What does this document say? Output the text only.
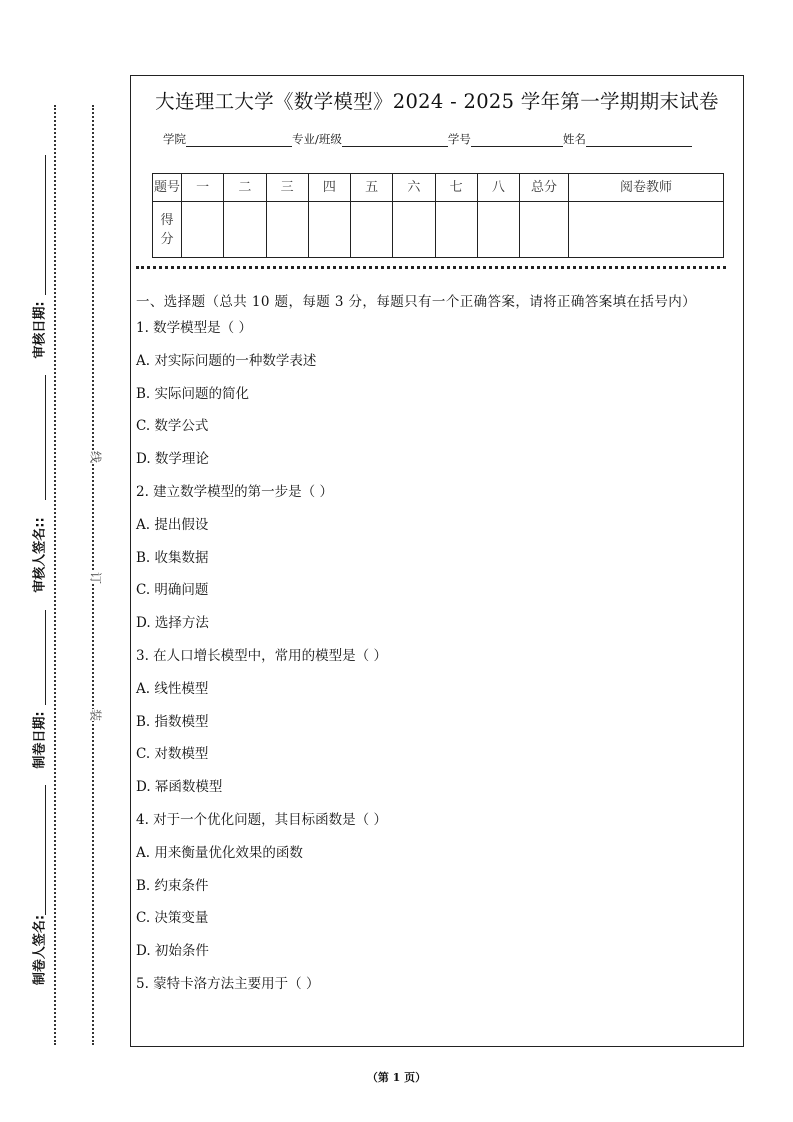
审核日期:
审核人签名::
制卷日期:
制卷人签名:
线
订
装
大连理工大学《数学模型》2024 - 2025 学年第一学期期末试卷
学院	专业/班级	学号	姓名
题号	一	二	三	四	五	六	七	八	总分	阅卷教师
得分										
一、选择题（总共 10 题，每题 3 分，每题只有一个正确答案，请将正确答案填在括号内）
1. 数学模型是（ ）
A. 对实际问题的一种数学表述
B. 实际问题的简化
C. 数学公式
D. 数学理论
2. 建立数学模型的第一步是（ ）
A. 提出假设
B. 收集数据
C. 明确问题
D. 选择方法
3. 在人口增长模型中，常用的模型是（ ）
A. 线性模型
B. 指数模型
C. 对数模型
D. 幂函数模型
4. 对于一个优化问题，其目标函数是（ ）
A. 用来衡量优化效果的函数
B. 约束条件
C. 决策变量
D. 初始条件
5. 蒙特卡洛方法主要用于（ ）
（第 1 页）
